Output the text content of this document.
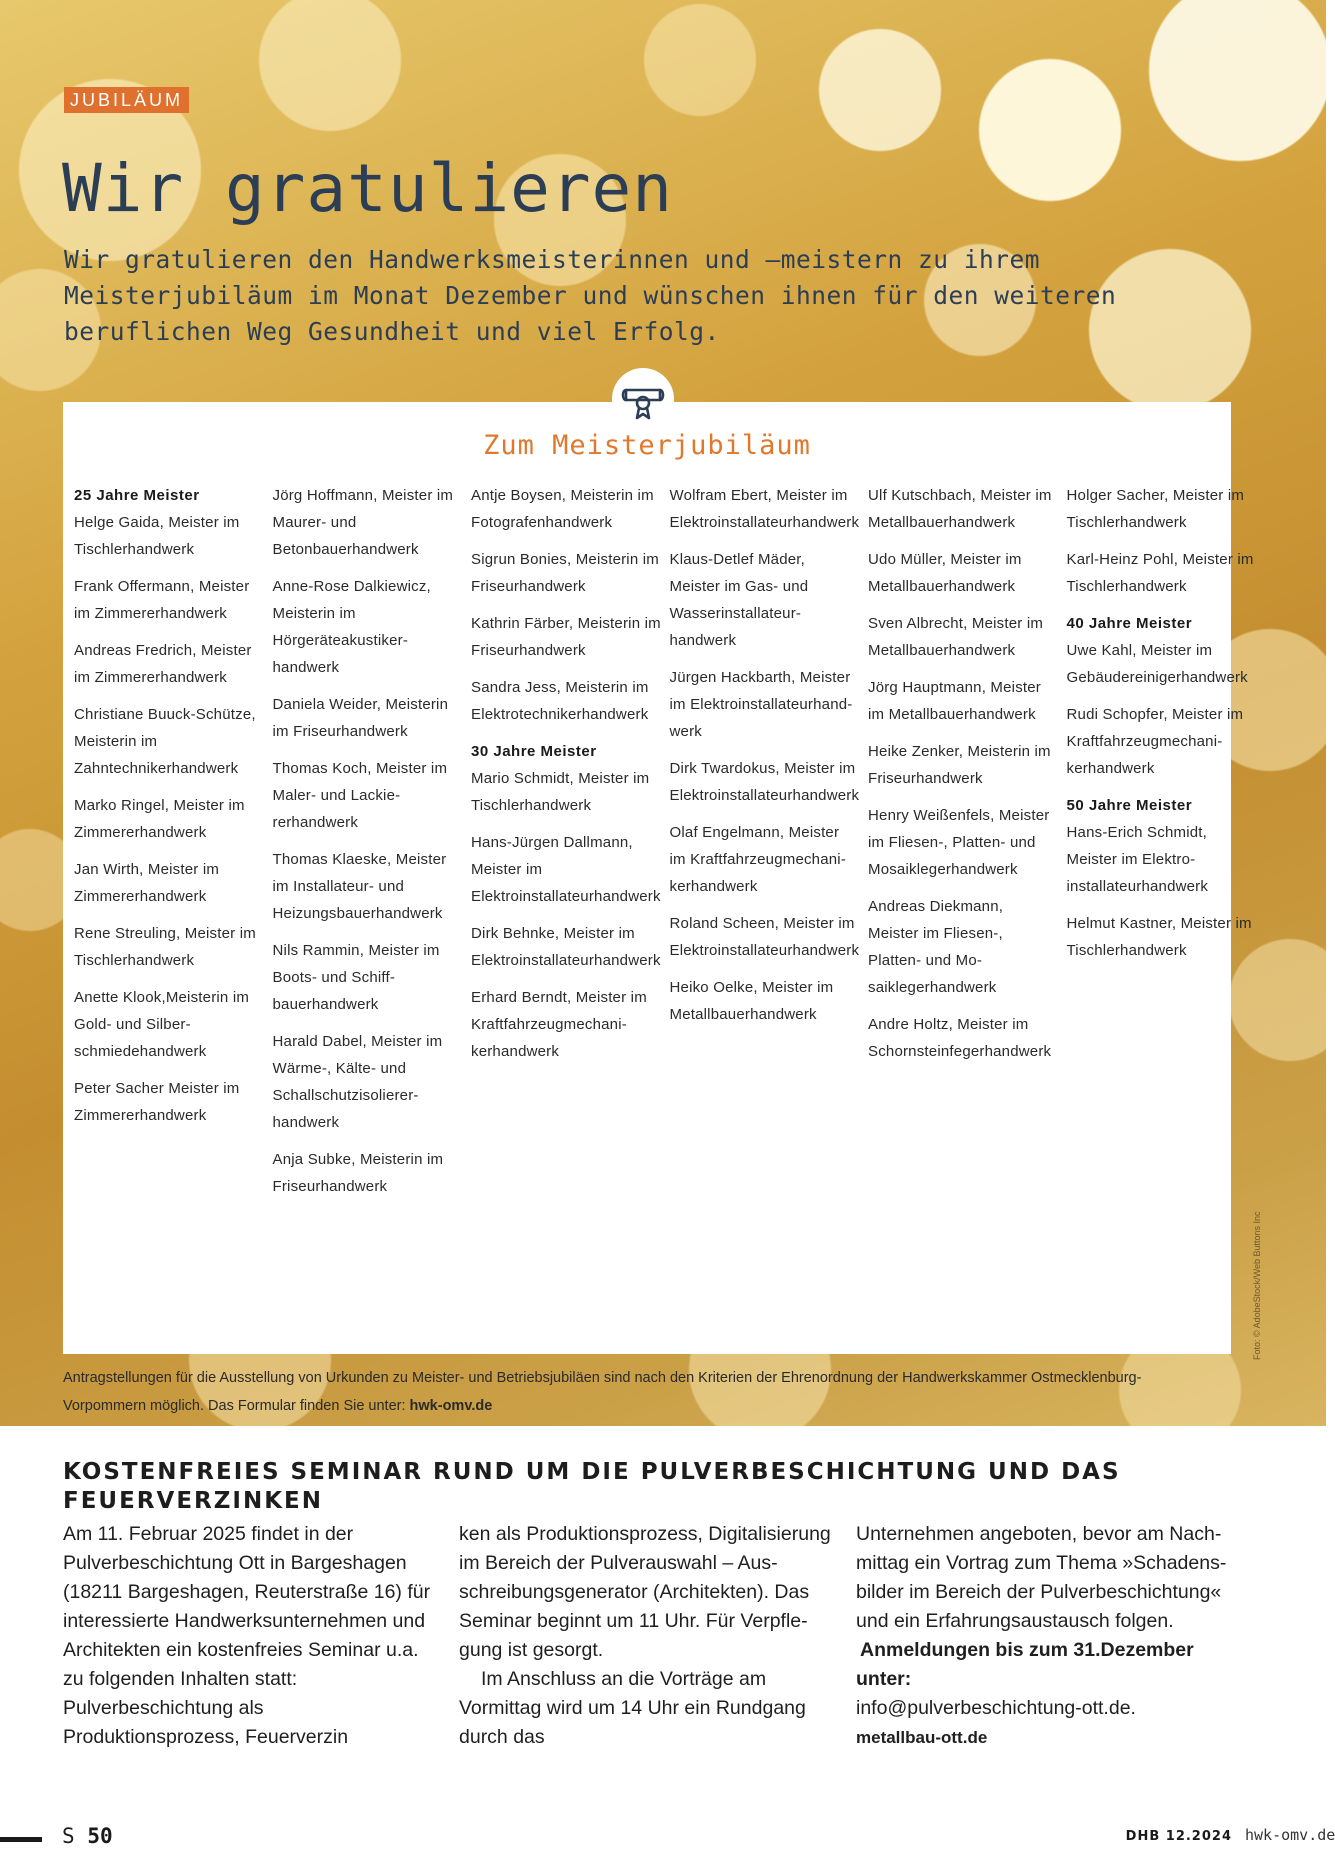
JUBILÄUM
Wir gratulieren

Wir gratulieren den Handwerksmeisterinnen und –meistern zu ihrem Meisterjubiläum im Monat Dezember und wünschen ihnen für den weiteren beruflichen Weg Gesundheit und viel Erfolg.

Zum Meisterjubiläum
25 Jahre Meister
Helge Gaida, Meister im Tischlerhandwerk
Frank Offermann, Meister im Zimmererhandwerk
Andreas Fredrich, Meister im Zimmererhandwerk
Christiane Buuck-Schütze, Meisterin im Zahntechnikerhandwerk
Marko Ringel, Meister im Zimmererhandwerk
Jan Wirth, Meister im Zimmererhandwerk
Rene Streuling, Meister im Tischlerhandwerk
Anette Klook,Meisterin im Gold- und Silberschmiedehandwerk
Peter Sacher Meister im Zimmererhandwerk
Jörg Hoffmann, Meister im Maurer- und Betonbauerhandwerk
Anne-Rose Dalkiewicz, Meisterin im Hörgeräteakustikerhandwerk
Daniela Weider, Meisterin im Friseurhandwerk
Thomas Koch, Meister im Maler- und Lackiererhandwerk
Thomas Klaeske, Meister im Installateur- und Heizungsbauerhandwerk
Nils Rammin, Meister im Boots- und Schiffbauerhandwerk
Harald Dabel, Meister im Wärme-, Kälte- und Schallschutzisoliererhandwerk
Anja Subke, Meisterin im Friseurhandwerk
Antje Boysen, Meisterin im Fotografenhandwerk
Sigrun Bonies, Meisterin im Friseurhandwerk
Kathrin Färber, Meisterin im Friseurhandwerk
Sandra Jess, Meisterin im Elektrotechnikerhandwerk
30 Jahre Meister
Mario Schmidt, Meister im Tischlerhandwerk
Hans-Jürgen Dallmann, Meister im Elektroinstallateurhandwerk
Dirk Behnke, Meister im Elektroinstallateurhandwerk
Erhard Berndt, Meister im Kraftfahrzeugmechanikerhandwerk
Wolfram Ebert, Meister im Elektroinstallateurhandwerk
Klaus-Detlef Mäder, Meister im Gas- und Wasserinstallateurhandwerk
Jürgen Hackbarth, Meister im Elektroinstallateurhandwerk
Dirk Twardokus, Meister im Elektroinstallateurhandwerk
Olaf Engelmann, Meister im Kraftfahrzeugmechanikerhandwerk
Roland Scheen, Meister im Elektroinstallateurhandwerk
Heiko Oelke, Meister im Metallbauerhandwerk
Ulf Kutschbach, Meister im Metallbauerhandwerk
Udo Müller, Meister im Metallbauerhandwerk
Sven Albrecht, Meister im Metallbauerhandwerk
Jörg Hauptmann, Meister im Metallbauerhandwerk
Heike Zenker, Meisterin im Friseurhandwerk
Henry Weißenfels, Meister im Fliesen-, Platten- und Mosaiklegerhandwerk
Andreas Diekmann, Meister im Fliesen-, Platten- und Mosaiklegerhandwerk
Andre Holtz, Meister im Schornsteinfegerhandwerk
Holger Sacher, Meister im Tischlerhandwerk
Karl-Heinz Pohl, Meister im Tischlerhandwerk
40 Jahre Meister
Uwe Kahl, Meister im Gebäudereinigerhandwerk
Rudi Schopfer, Meister im Kraftfahrzeugmechanikerhandwerk
50 Jahre Meister
Hans-Erich Schmidt, Meister im Elektroinstallateurhandwerk
Helmut Kastner, Meister im Tischlerhandwerk
Foto: © AdobeStock/Web Buttons Inc

Antragstellungen für die Ausstellung von Urkunden zu Meister- und Betriebsjubiläen sind nach den Kriterien der Ehrenordnung der Handwerkskammer Ostmecklenburg-Vorpommern möglich. Das Formular finden Sie unter: hwk-omv.de

KOSTENFREIES SEMINAR RUND UM DIE PULVERBESCHICHTUNG UND DAS FEUERVERZINKEN

Am 11. Februar 2025 findet in der Pulverbeschichtung Ott in Bargeshagen (18211 Bargeshagen, Reuterstraße 16) für interessierte Handwerksunternehmen und Architekten ein kostenfreies Seminar u.a. zu folgenden Inhalten statt: Pulverbeschichtung als Produktionsprozess, Feuerverzin

ken als Produktionsprozess, Digitalisierung im Bereich der Pulverauswahl – Ausschreibungsgenerator (Architekten). Das Seminar beginnt um 11 Uhr. Für Verpflegung ist gesorgt.

Im Anschluss an die Vorträge am Vormittag wird um 14 Uhr ein Rundgang durch das

Unternehmen angeboten, bevor am Nachmittag ein Vortrag zum Thema »Schadensbilder im Bereich der Pulverbeschichtung« und ein Erfahrungsaustausch folgen.

Anmeldungen bis zum 31.Dezember unter:

info@pulverbeschichtung-ott.de.

metallbau-ott.de

S 50	DHB 12.2024 hwk-omv.de
